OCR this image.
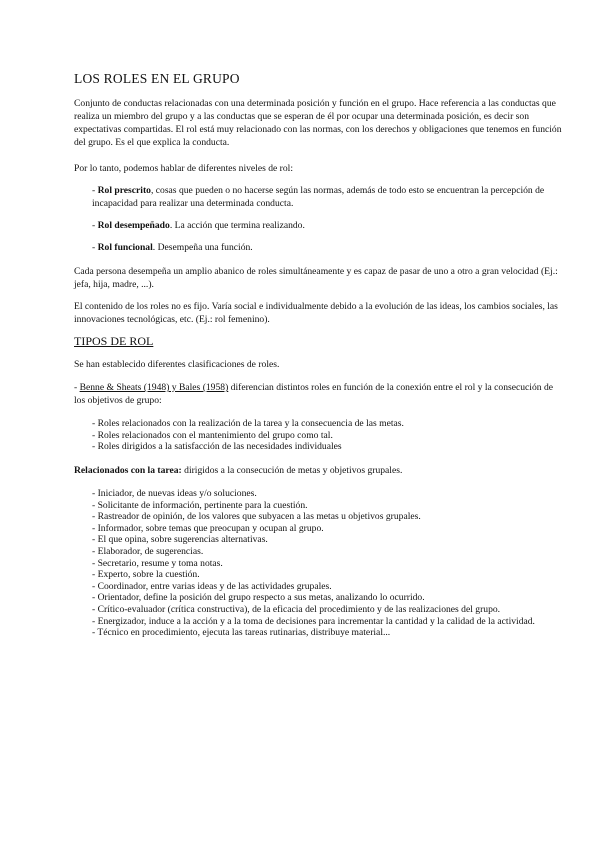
LOS ROLES EN EL GRUPO

Conjunto de conductas relacionadas con una determinada posición y función en el grupo. Hace referencia a las conductas que realiza un miembro del grupo y a las conductas que se esperan de él por ocupar una determinada posición, es decir son expectativas compartidas. El rol está muy relacionado con las normas, con los derechos y obligaciones que tenemos en función del grupo. Es el que explica la conducta.

Por lo tanto, podemos hablar de diferentes niveles de rol:

- Rol prescrito, cosas que pueden o no hacerse según las normas, además de todo esto se encuentran la percepción de incapacidad para realizar una determinada conducta.

- Rol desempeñado. La acción que termina realizando.

- Rol funcional. Desempeña una función.

Cada persona desempeña un amplio abanico de roles simultáneamente y es capaz de pasar de uno a otro a gran velocidad (Ej.: jefa, hija, madre, ...).

El contenido de los roles no es fijo. Varía social e individualmente debido a la evolución de las ideas, los cambios sociales, las innovaciones tecnológicas, etc. (Ej.: rol femenino).

TIPOS DE ROL

Se han establecido diferentes clasificaciones de roles.

- Benne & Sheats (1948) y Bales (1958) diferencian distintos roles en función de la conexión entre el rol y la consecución de los objetivos de grupo:

- Roles relacionados con la realización de la tarea y la consecuencia de las metas.
- Roles relacionados con el mantenimiento del grupo como tal.
- Roles dirigidos a la satisfacción de las necesidades individuales

Relacionados con la tarea: dirigidos a la consecución de metas y objetivos grupales.

- Iniciador, de nuevas ideas y/o soluciones.
- Solicitante de información, pertinente para la cuestión.
- Rastreador de opinión, de los valores que subyacen a las metas u objetivos grupales.
- Informador, sobre temas que preocupan y ocupan al grupo.
- El que opina, sobre sugerencias alternativas.
- Elaborador, de sugerencias.
- Secretario, resume y toma notas.
- Experto, sobre la cuestión.
- Coordinador, entre varias ideas y de las actividades grupales.
- Orientador, define la posición del grupo respecto a sus metas, analizando lo ocurrido.
- Crítico-evaluador (crítica constructiva), de la eficacia del procedimiento y de las realizaciones del grupo.
- Energizador, induce a la acción y a la toma de decisiones para incrementar la cantidad y la calidad de la actividad.
- Técnico en procedimiento, ejecuta las tareas rutinarias, distribuye material...
